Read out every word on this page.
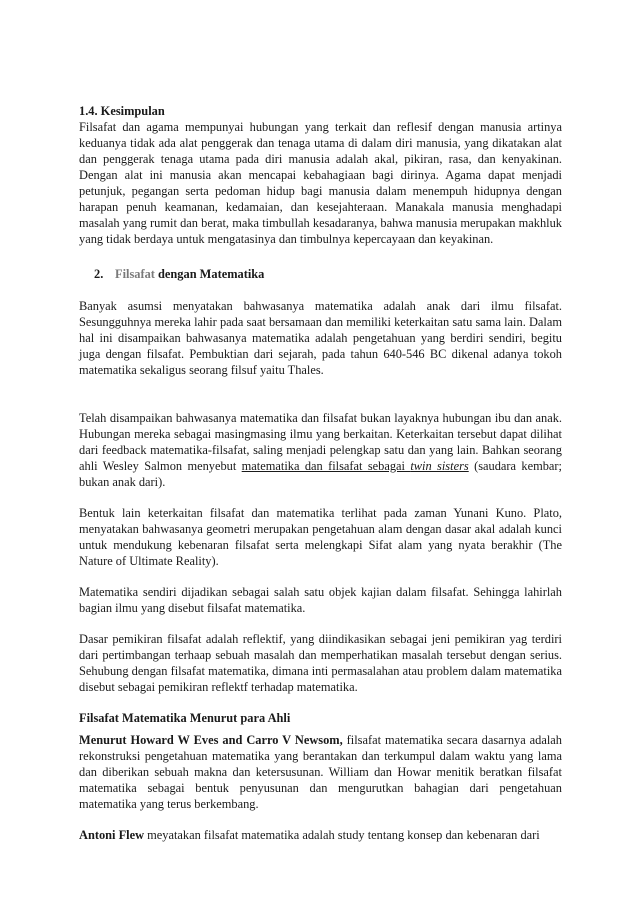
1.4. Kesimpulan

Filsafat dan agama mempunyai hubungan yang terkait dan reflesif dengan manusia artinya keduanya tidak ada alat penggerak dan tenaga utama di dalam diri manusia, yang dikatakan alat dan penggerak tenaga utama pada diri manusia adalah akal, pikiran, rasa, dan kenyakinan. Dengan alat ini manusia akan mencapai kebahagiaan bagi dirinya. Agama dapat menjadi petunjuk, pegangan serta pedoman hidup bagi manusia dalam menempuh hidupnya dengan harapan penuh keamanan, kedamaian, dan kesejahteraan. Manakala manusia menghadapi masalah yang rumit dan berat, maka timbullah kesadaranya, bahwa manusia merupakan makhluk yang tidak berdaya untuk mengatasinya dan timbulnya kepercayaan dan keyakinan.

2. Filsafat dengan Matematika

Banyak asumsi menyatakan bahwasanya matematika adalah anak dari ilmu filsafat. Sesungguhnya mereka lahir pada saat bersamaan dan memiliki keterkaitan satu sama lain. Dalam hal ini disampaikan bahwasanya matematika adalah pengetahuan yang berdiri sendiri, begitu juga dengan filsafat. Pembuktian dari sejarah, pada tahun 640-546 BC dikenal adanya tokoh matematika sekaligus seorang filsuf yaitu Thales.

Telah disampaikan bahwasanya matematika dan filsafat bukan layaknya hubungan ibu dan anak. Hubungan mereka sebagai masingmasing ilmu yang berkaitan. Keterkaitan tersebut dapat dilihat dari feedback matematika-filsafat, saling menjadi pelengkap satu dan yang lain. Bahkan seorang ahli Wesley Salmon menyebut matematika dan filsafat sebagai twin sisters (saudara kembar; bukan anak dari).

Bentuk lain keterkaitan filsafat dan matematika terlihat pada zaman Yunani Kuno. Plato, menyatakan bahwasanya geometri merupakan pengetahuan alam dengan dasar akal adalah kunci untuk mendukung kebenaran filsafat serta melengkapi Sifat alam yang nyata berakhir (The Nature of Ultimate Reality).

Matematika sendiri dijadikan sebagai salah satu objek kajian dalam filsafat. Sehingga lahirlah bagian ilmu yang disebut filsafat matematika.

Dasar pemikiran filsafat adalah reflektif, yang diindikasikan sebagai jeni pemikiran yag terdiri dari pertimbangan terhaap sebuah masalah dan memperhatikan masalah tersebut dengan serius. Sehubung dengan filsafat matematika, dimana inti permasalahan atau problem dalam matematika disebut sebagai pemikiran reflektf terhadap matematika.

Filsafat Matematika Menurut para Ahli

Menurut Howard W Eves and Carro V Newsom, filsafat matematika secara dasarnya adalah rekonstruksi pengetahuan matematika yang berantakan dan terkumpul dalam waktu yang lama dan diberikan sebuah makna dan ketersusunan. William dan Howar menitik beratkan filsafat matematika sebagai bentuk penyusunan dan mengurutkan bahagian dari pengetahuan matematika yang terus berkembang.

Antoni Flew meyatakan filsafat matematika adalah study tentang konsep dan kebenaran dari
